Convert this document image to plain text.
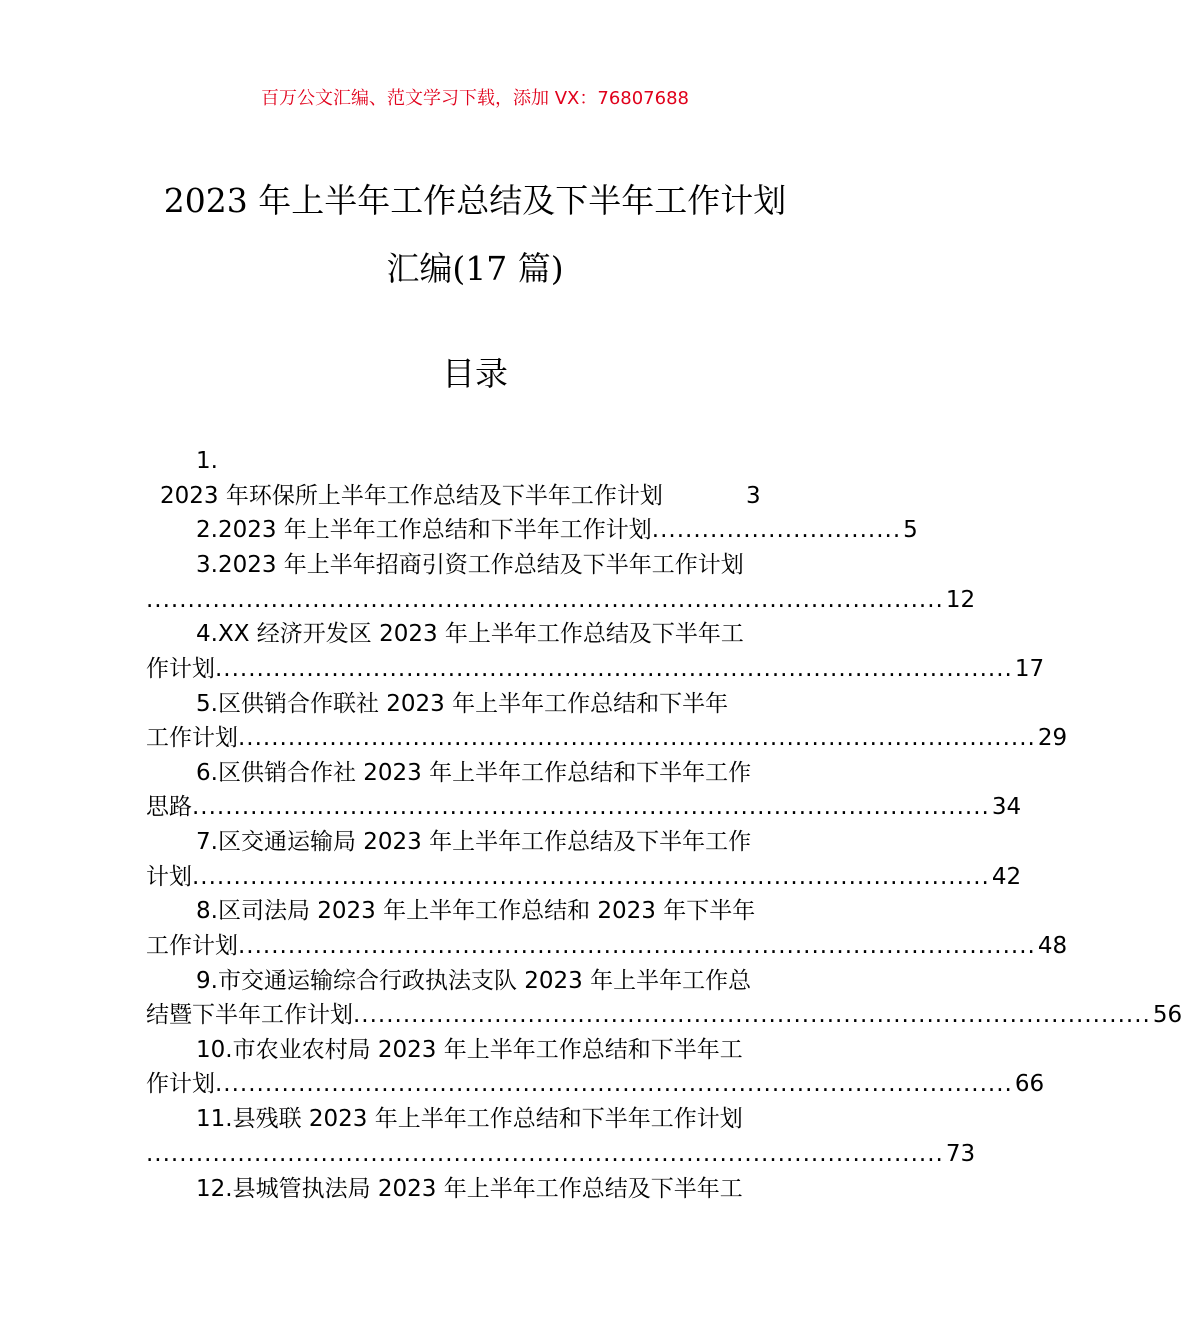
百万公文汇编、范文学习下载，添加 VX：76807688
2023 年上半年工作总结及下半年工作计划
汇编(17 篇)
目录
1.
2023 年环保所上半年工作总结及下半年工作计划	3
2.2023 年上半年工作总结和下半年工作计划 .............................. 5
3.2023 年上半年招商引资工作总结及下半年工作计划
................................................................................................ 12
4.XX 经济开发区 2023 年上半年工作总结及下半年工
作计划 ................................................................................................ 17
5.区供销合作联社 2023 年上半年工作总结和下半年
工作计划 ................................................................................................ 29
6.区供销合作社 2023 年上半年工作总结和下半年工作
思路 ................................................................................................ 34
7.区交通运输局 2023 年上半年工作总结及下半年工作
计划 ................................................................................................ 42
8.区司法局 2023 年上半年工作总结和 2023 年下半年
工作计划 ................................................................................................ 48
9.市交通运输综合行政执法支队 2023 年上半年工作总
结暨下半年工作计划 ................................................................................................ 56
10.市农业农村局 2023 年上半年工作总结和下半年工
作计划 ................................................................................................ 66
11.县残联 2023 年上半年工作总结和下半年工作计划
................................................................................................ 73
12.县城管执法局 2023 年上半年工作总结及下半年工
